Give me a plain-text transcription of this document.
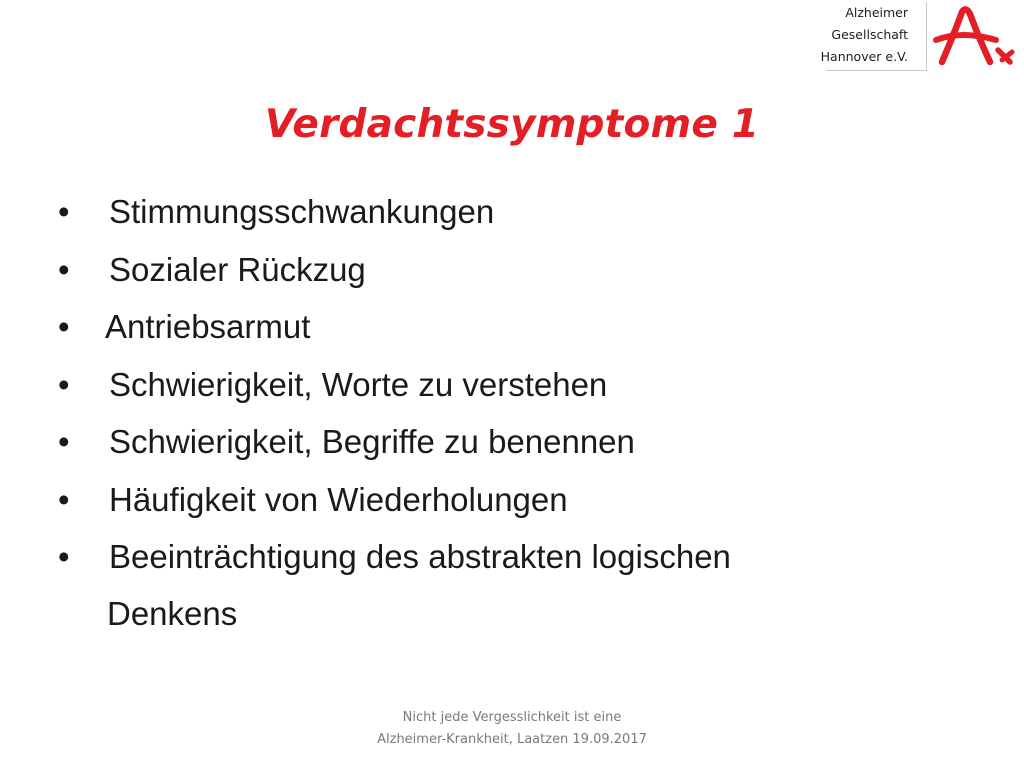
Alzheimer
Gesellschaft
Hannover e.V.
Verdachtssymptome 1
•	Stimmungsschwankungen
•	Sozialer Rückzug
•	Antriebsarmut
•	Schwierigkeit, Worte zu verstehen
•	Schwierigkeit, Begriffe zu benennen
•	Häufigkeit von Wiederholungen
•	Beeinträchtigung des abstrakten logischen
Denkens
Nicht jede Vergesslichkeit ist eine
Alzheimer-Krankheit, Laatzen 19.09.2017
